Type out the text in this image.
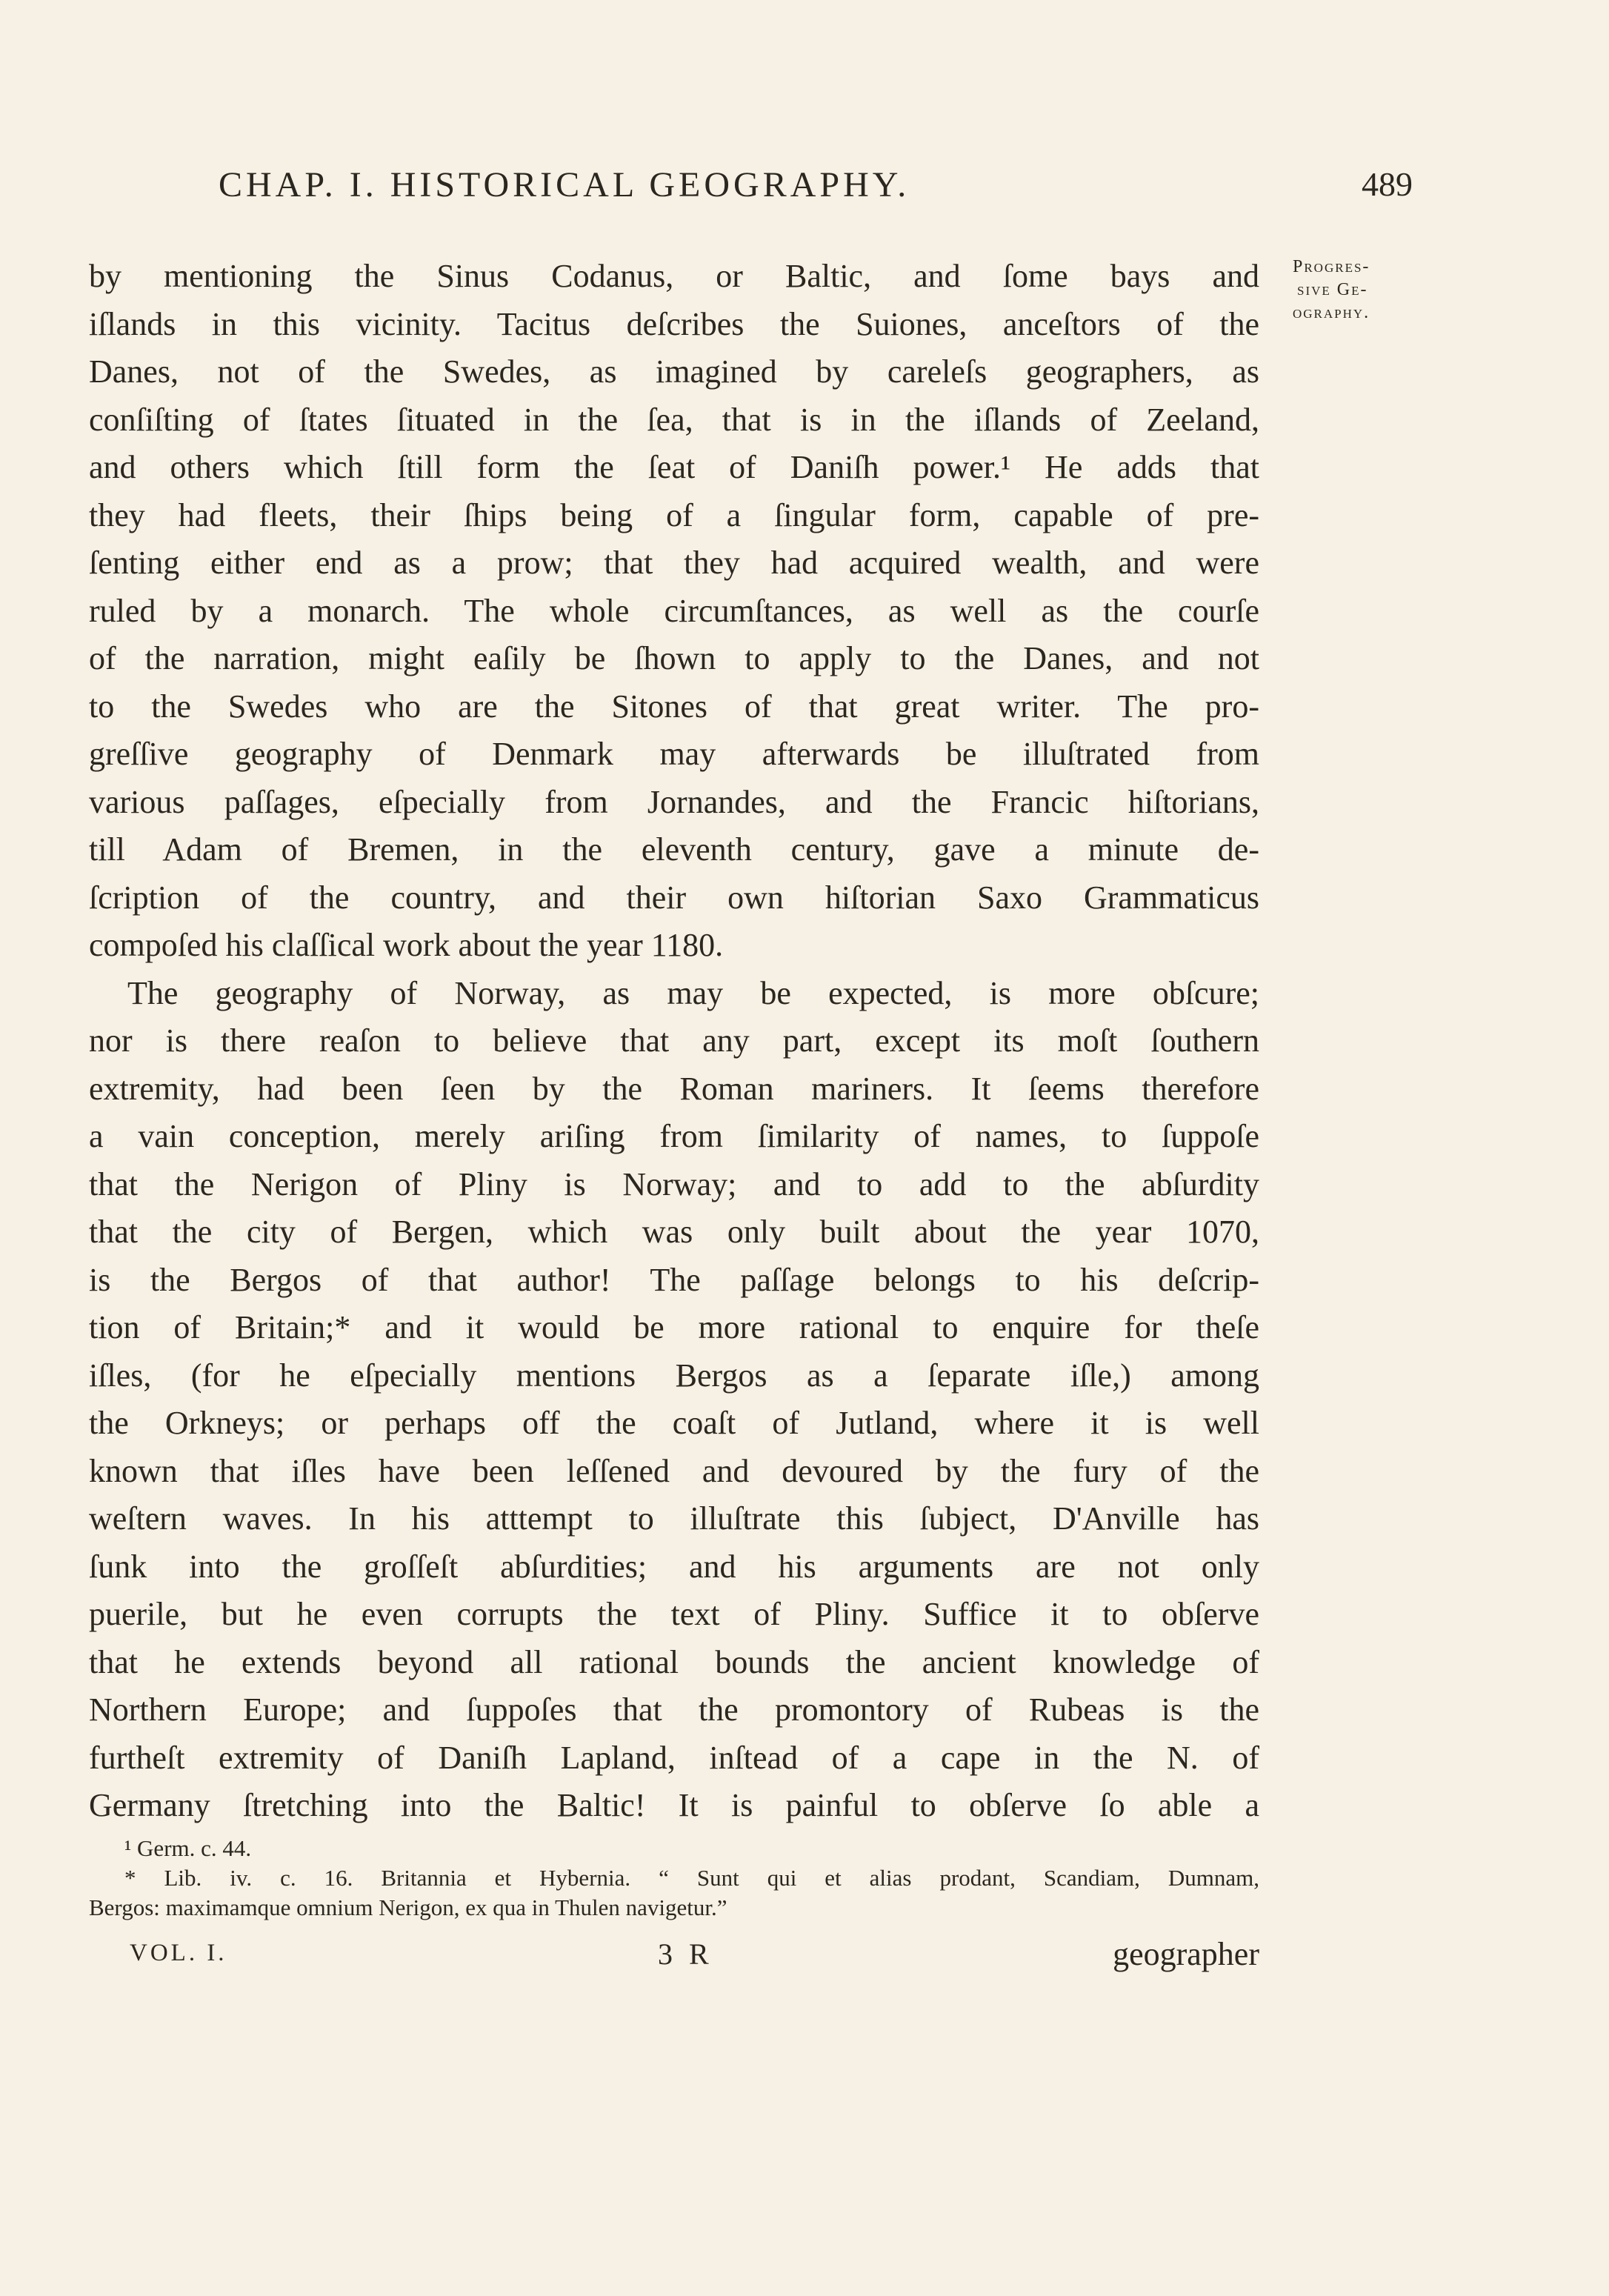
CHAP. I. HISTORICAL GEOGRAPHY.	489
Progres-
sive Ge-
ography.
by mentioning the Sinus Codanus, or Baltic, and ſome bays and
iſlands in this vicinity. Tacitus deſcribes the Suiones, anceſtors of the
Danes, not of the Swedes, as imagined by careleſs geographers, as
conſiſting of ſtates ſituated in the ſea, that is in the iſlands of Zeeland,
and others which ſtill form the ſeat of Daniſh power.¹ He adds that
they had fleets, their ſhips being of a ſingular form, capable of pre-
ſenting either end as a prow; that they had acquired wealth, and were
ruled by a monarch. The whole circumſtances, as well as the courſe
of the narration, might eaſily be ſhown to apply to the Danes, and not
to the Swedes who are the Sitones of that great writer. The pro-
greſſive geography of Denmark may afterwards be illuſtrated from
various paſſages, eſpecially from Jornandes, and the Francic hiſtorians,
till Adam of Bremen, in the eleventh century, gave a minute de-
ſcription of the country, and their own hiſtorian Saxo Grammaticus
compoſed his claſſical work about the year 1180.
The geography of Norway, as may be expected, is more obſcure;
nor is there reaſon to believe that any part, except its moſt ſouthern
extremity, had been ſeen by the Roman mariners. It ſeems therefore
a vain conception, merely ariſing from ſimilarity of names, to ſuppoſe
that the Nerigon of Pliny is Norway; and to add to the abſurdity
that the city of Bergen, which was only built about the year 1070,
is the Bergos of that author! The paſſage belongs to his deſcrip-
tion of Britain;* and it would be more rational to enquire for theſe
iſles, (for he eſpecially mentions Bergos as a ſeparate iſle,) among
the Orkneys; or perhaps off the coaſt of Jutland, where it is well
known that iſles have been leſſened and devoured by the fury of the
weſtern waves. In his atttempt to illuſtrate this ſubject, D'Anville has
ſunk into the groſſeſt abſurdities; and his arguments are not only
puerile, but he even corrupts the text of Pliny. Suffice it to obſerve
that he extends beyond all rational bounds the ancient knowledge of
Northern Europe; and ſuppoſes that the promontory of Rubeas is the
furtheſt extremity of Daniſh Lapland, inſtead of a cape in the N. of
Germany ſtretching into the Baltic! It is painful to obſerve ſo able a
¹ Germ. c. 44.
* Lib. iv. c. 16. Britannia et Hybernia. “ Sunt qui et alias prodant, Scandiam, Dumnam,
Bergos: maximamque omnium Nerigon, ex qua in Thulen navigetur.”
VOL. I.	3 R	geographer
